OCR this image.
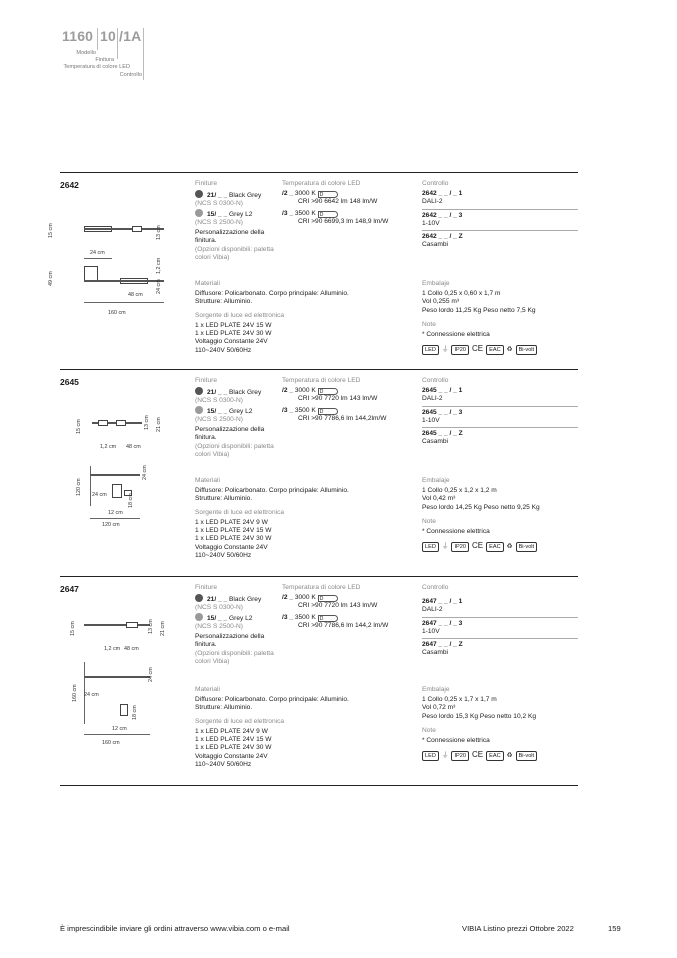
1160 10 /1A
Modello
Finitura
Temperatura di colore LED
Controllo
2642
15 cm	13 cm
24 cm
49 cm
24 cm
1,2 cm
48 cm
160 cm
Finiture
21/ _ _ Black Grey
(NCS S 0300-N)
15/ _ _ Grey L2
(NCS S 2500-N)
Personalizzazione della finitura.
(Opzioni disponibili: paletta colori Vibia)
Temperatura di colore LED
/2 _ 3000 K D
CRI >90 6642 lm 148 lm/W
/3 _ 3500 K D
CRI >90 6699,3 lm 148,9 lm/W
Controllo
2642 _ _ / _ 1
DALI-2
2642 _ _ / _ 3
1-10V
2642 _ _ / _ Z
Casambi
Materiali
Diffusore: Policarbonato. Corpo principale: Alluminio.
Strutture: Alluminio.
Sorgente di luce ed elettronica
1 x LED PLATE 24V 15 W
1 x LED PLATE 24V 30 W
Voltaggio Constante 24V
110~240V 50/60Hz
Embalaje
1 Collo 0,25 x 0,60 x 1,7 m
Vol 0,255 m³
Peso lordo 11,25 Kg Peso netto 7,5 Kg
Note
* Connessione elettrica
LED ⏚ IP20 CE EAC ♻ Bi-volt
2645
15 cm	13 cm 21 cm
1,2 cm 48 cm
120 cm
24 cm
24 cm	18 cm
12 cm
120 cm
Finiture
21/ _ _ Black Grey
(NCS S 0300-N)
15/ _ _ Grey L2
(NCS S 2500-N)
Personalizzazione della finitura.
(Opzioni disponibili: paletta colori Vibia)
Temperatura di colore LED
/2 _ 3000 K D
CRI >90 7720 lm 143 lm/W
/3 _ 3500 K D
CRI >90 7786,6 lm 144,2lm/W
Controllo
2645 _ _ / _ 1
DALI-2
2645 _ _ / _ 3
1-10V
2645 _ _ / _ Z
Casambi
Materiali
Diffusore: Policarbonato. Corpo principale: Alluminio.
Strutture: Alluminio.
Sorgente di luce ed elettronica
1 x LED PLATE 24V 9 W
1 x LED PLATE 24V 15 W
1 x LED PLATE 24V 30 W
Voltaggio Constante 24V
110~240V 50/60Hz
Embalaje
1 Collo 0,25 x 1,2 x 1,2 m
Vol 0,42 m³
Peso lordo 14,25 Kg Peso netto 9,25 Kg
Note
* Connessione elettrica
LED ⏚ IP20 CE EAC ♻ Bi-volt
2647
15 cm	13 cm 21 cm
1,2 cm 48 cm
160 cm
24 cm
24 cm
18 cm
12 cm
160 cm
Finiture
21/ _ _ Black Grey
(NCS S 0300-N)
15/ _ _ Grey L2
(NCS S 2500-N)
Personalizzazione della finitura.
(Opzioni disponibili: paletta colori Vibia)
Temperatura di colore LED
/2 _ 3000 K D
CRI >90 7720 lm 143 lm/W
/3 _ 3500 K D
CRI >90 7786,6 lm 144,2 lm/W
Controllo
2647 _ _ / _ 1
DALI-2
2647 _ _ / _ 3
1-10V
2647 _ _ / _ Z
Casambi
Materiali
Diffusore: Policarbonato. Corpo principale: Alluminio.
Strutture: Alluminio.
Sorgente di luce ed elettronica
1 x LED PLATE 24V 9 W
1 x LED PLATE 24V 15 W
1 x LED PLATE 24V 30 W
Voltaggio Constante 24V
110~240V 50/60Hz
Embalaje
1 Collo 0,25 x 1,7 x 1,7 m
Vol 0,72 m³
Peso lordo 15,3 Kg Peso netto 10,2 Kg
Note
* Connessione elettrica
LED ⏚ IP20 CE EAC ♻ Bi-volt
È imprescindibile inviare gli ordini attraverso www.vibia.com o e-mail	VIBIA Listino prezzi Ottobre 2022	159
